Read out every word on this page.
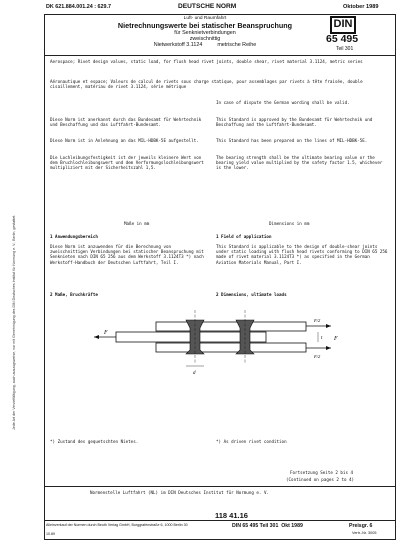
Jede Art der Vervielfältigung, auch auszugsweise, nur mit Genehmigung des DIN Deutsches Institut für Normung e. V., Berlin, gestattet.
DK 621.884.001.24 : 629.7	DEUTSCHE NORM	Oktober 1989
Luft- und Raumfahrt
Nietrechnungswerte bei statischer Beanspruchung
für Senknietverbindungen
zweischnittig
Nietwerkstoff 3.1124          metrische Reihe
DIN
65 495
Teil 301
Aerospace; Rivet design values, static load, for flush head rivet joints, double shear, rivet material 3.1124, metric series
Aéronautique et espace; Valeurs de calcul de rivets sous charge statique, pour assemblages par rivets à tête fraisée, double cisaillement, matériau de rivet 3.1124, série métrique
In case of dispute the German wording shall be valid.
Diese Norm ist anerkannt durch das Bundesamt für Wehrtechnik und Beschaffung und das Luftfahrt-Bundesamt.
This Standard is approved by the Bundesamt für Wehrtechnik und Beschaffung and the Luftfahrt-Bundesamt.
Diese Norm ist in Anlehnung an das MIL-HDBK-5E aufgestellt.	This Standard has been prepared on the lines of MIL-HDBK-5E.
Die Lochleibungsfestigkeit ist der jeweils kleinere Wert von dem Bruchlochleibungswert und dem Verformungslochleibungswert multipliziert mit der Sicherheitszahl 1,5.
The bearing strength shall be the ultimate bearing value or the bearing yield value multiplied by the safety factor 1.5, whichever is the lower.
Maße in mm	Dimensions in mm
1 Anwendungsbereich	1 Field of application
Diese Norm ist anzuwenden für die Berechnung von zweischnittigen Verbindungen bei statischer Beanspruchung mit Senknieten nach DIN 65 256 aus dem Werkstoff 3.1124T3 *) nach Werkstoff-Handbuch der Deutschen Luftfahrt, Teil I.
This Standard is applicable to the design of double-shear joints under static loading with flush head rivets conforming to DIN 65 256 made of rivet material 3.1124T3 *) as specified in the German Aviation Materials Manual, Part I.
2 Maße, Bruchkräfte	2 Dimensions, ultimate loads
F
F
F/2
F/2
d
t
*) Zustand des gequetschten Nietes.	*) As driven rivet condition
Fortsetzung Seite 2 bis 4
(Continued on pages 2 to 4)
Normenstelle Luftfahrt (NL) im DIN Deutsches Institut für Normung e. V.
118 41.16
Alleinverkauf der Normen durch Beuth Verlag GmbH, Burggrafenstraße 6, 1000 Berlin 30
10.89
DIN 65 495 Teil 301  Okt 1989	Preisgr. 6
Vertr.-Nr. 3005
